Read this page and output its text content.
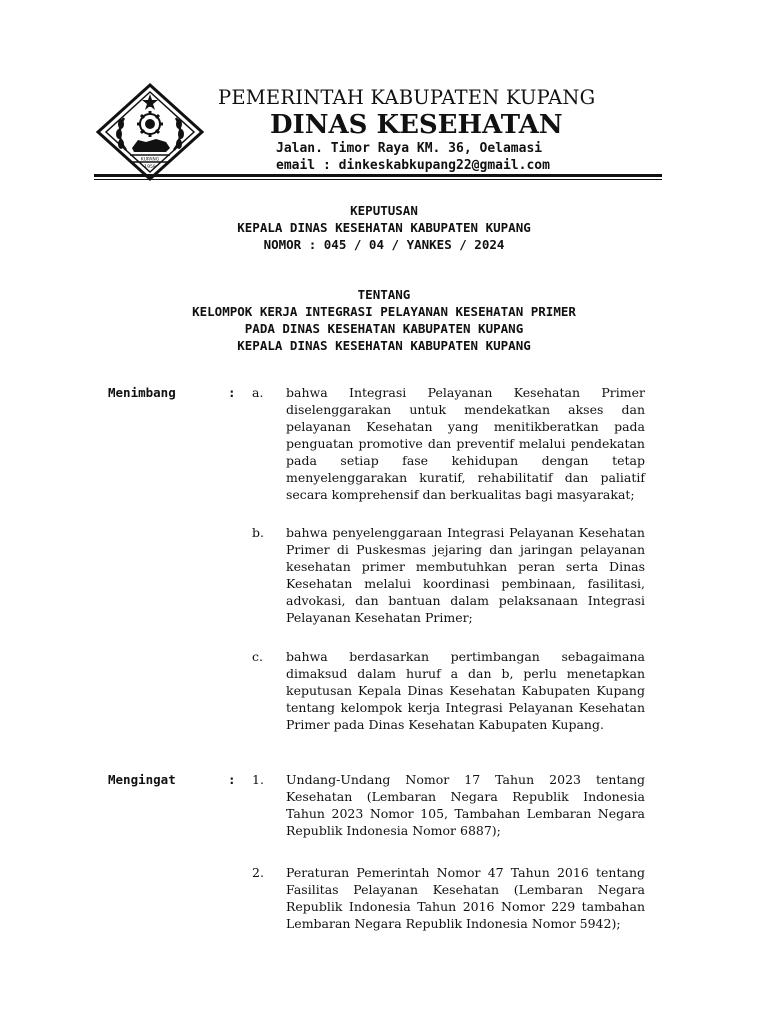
KUPANG
1958
PEMERINTAH KABUPATEN KUPANG
DINAS KESEHATAN
Jalan. Timor Raya KM. 36, Oelamasi
email : dinkeskabkupang22@gmail.com
KEPUTUSAN
KEPALA DINAS KESEHATAN KABUPATEN KUPANG
NOMOR : 045 / 04 / YANKES / 2024
TENTANG
KELOMPOK KERJA INTEGRASI PELAYANAN KESEHATAN PRIMER
PADA DINAS KESEHATAN KABUPATEN KUPANG
KEPALA DINAS KESEHATAN KABUPATEN KUPANG
Menimbang	: a. bahwa Integrasi Pelayanan Kesehatan Primer diselenggarakan untuk mendekatkan akses dan pelayanan Kesehatan yang menitikberatkan pada penguatan promotive dan preventif melalui pendekatan pada setiap fase kehidupan dengan tetap menyelenggarakan kuratif, rehabilitatif dan paliatif secara komprehensif dan berkualitas bagi masyarakat;
b. bahwa penyelenggaraan Integrasi Pelayanan Kesehatan Primer di Puskesmas jejaring dan jaringan pelayanan kesehatan primer membutuhkan peran serta Dinas Kesehatan melalui koordinasi pembinaan, fasilitasi, advokasi, dan bantuan dalam pelaksanaan Integrasi Pelayanan Kesehatan Primer;
c. bahwa berdasarkan pertimbangan sebagaimana dimaksud dalam huruf a dan b, perlu menetapkan keputusan Kepala Dinas Kesehatan Kabupaten Kupang tentang kelompok kerja Integrasi Pelayanan Kesehatan Primer pada Dinas Kesehatan Kabupaten Kupang.
Mengingat	: 1. Undang-Undang Nomor 17 Tahun 2023 tentang Kesehatan (Lembaran Negara Republik Indonesia Tahun 2023 Nomor 105, Tambahan Lembaran Negara Republik Indonesia Nomor 6887);
2. Peraturan Pemerintah Nomor 47 Tahun 2016 tentang Fasilitas Pelayanan Kesehatan (Lembaran Negara Republik Indonesia Tahun 2016 Nomor 229 tambahan Lembaran Negara Republik Indonesia Nomor 5942);
